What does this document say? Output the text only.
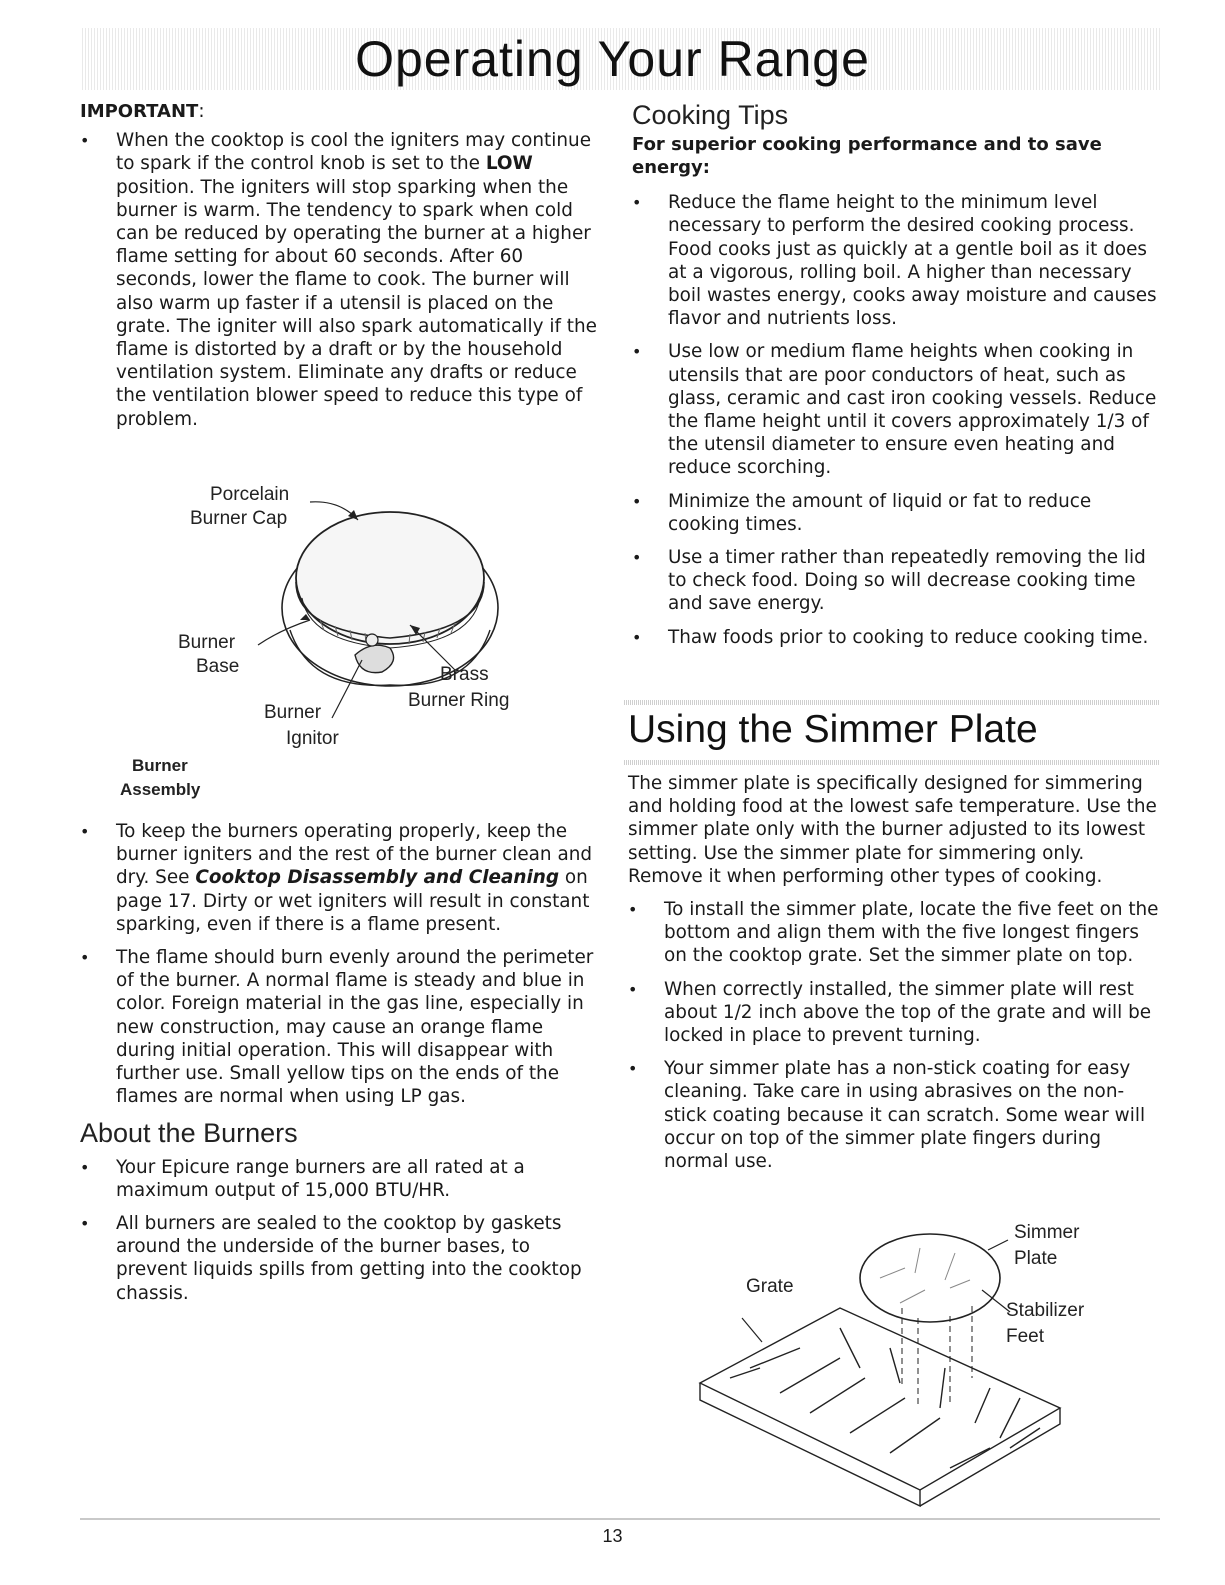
Operating Your Range
IMPORTANT:
• When the cooktop is cool the igniters may continue to spark if the control knob is set to the LOW position. The igniters will stop sparking when the burner is warm. The tendency to spark when cold can be reduced by operating the burner at a higher flame setting for about 60 seconds. After 60 seconds, lower the flame to cook. The burner will also warm up faster if a utensil is placed on the grate. The igniter will also spark automatically if the flame is distorted by a draft or by the household ventilation system. Eliminate any drafts or reduce the ventilation blower speed to reduce this type of problem.
Porcelain
Burner Cap
Burner
Base	Brass
Burner Ring
Burner
Ignitor
Burner
Assembly
• To keep the burners operating properly, keep the burner igniters and the rest of the burner clean and dry. See Cooktop Disassembly and Cleaning on page 17. Dirty or wet igniters will result in constant sparking, even if there is a flame present.
• The flame should burn evenly around the perimeter of the burner. A normal flame is steady and blue in color. Foreign material in the gas line, especially in new construction, may cause an orange flame during initial operation. This will disappear with further use. Small yellow tips on the ends of the flames are normal when using LP gas.
About the Burners
• Your Epicure range burners are all rated at a maximum output of 15,000 BTU/HR.
• All burners are sealed to the cooktop by gaskets around the underside of the burner bases, to prevent liquids spills from getting into the cooktop chassis.
Cooking Tips
For superior cooking performance and to save energy:
• Reduce the flame height to the minimum level necessary to perform the desired cooking process. Food cooks just as quickly at a gentle boil as it does at a vigorous, rolling boil. A higher than necessary boil wastes energy, cooks away moisture and causes flavor and nutrients loss.
• Use low or medium flame heights when cooking in utensils that are poor conductors of heat, such as glass, ceramic and cast iron cooking vessels. Reduce the flame height until it covers approximately 1/3 of the utensil diameter to ensure even heating and reduce scorching.
• Minimize the amount of liquid or fat to reduce cooking times.
• Use a timer rather than repeatedly removing the lid to check food. Doing so will decrease cooking time and save energy.
• Thaw foods prior to cooking to reduce cooking time.
Using the Simmer Plate
The simmer plate is specifically designed for simmering and holding food at the lowest safe temperature. Use the simmer plate only with the burner adjusted to its lowest setting. Use the simmer plate for simmering only. Remove it when performing other types of cooking.
• To install the simmer plate, locate the five feet on the bottom and align them with the five longest fingers on the cooktop grate. Set the simmer plate on top.
• When correctly installed, the simmer plate will rest about 1/2 inch above the top of the grate and will be locked in place to prevent turning.
• Your simmer plate has a non-stick coating for easy cleaning. Take care in using abrasives on the non-stick coating because it can scratch. Some wear will occur on top of the simmer plate fingers during normal use.
Simmer
Plate
Grate
Stabilizer
Feet
13
